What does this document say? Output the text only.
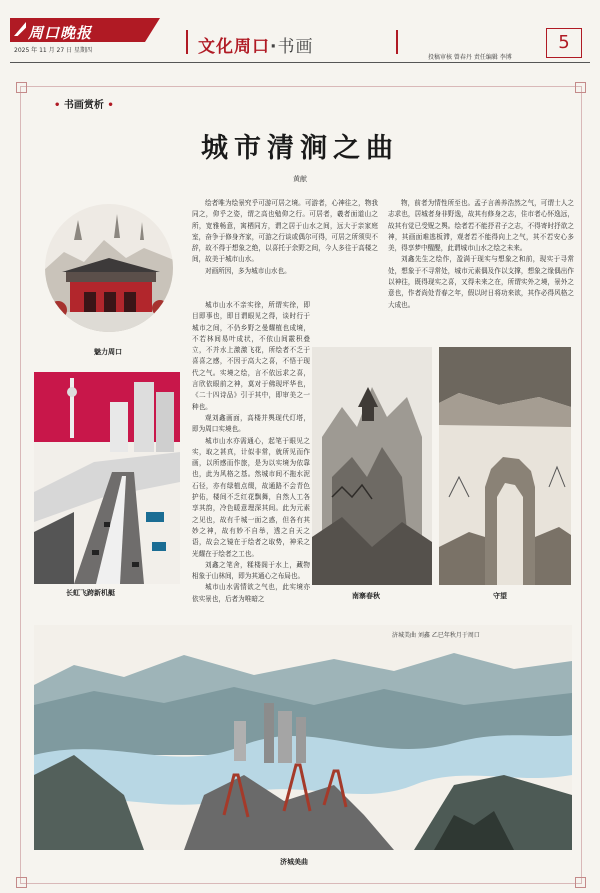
周口晚报
2025 年 11 月 27 日 星期四	文化周口·书画
投稿审核 曾春丹 责任编辑 李博
5
• 书画赏析 •
城市清涧之曲
黄献
魅力周口
长虹飞跨新机艇

绘者唯为绘景究乎可游可居之境。可游者，心神往之，物我同之，仰乎之姿，谓之高也勉仰之行。可居者，羲者面道山之所，宽雅畅意，寓栖同方，谓之居于山水之间，远大于亲家庭室，奋争于修身齐家，可游之行谈或偶尔可得，可居之所须臾不辞，故不得于想象之绝，以喜托于余野之间，今人多往于高楼之间，故美于城市山水。

对画所因，多为城市山水也。

城市山水不亲实徐，所谓实徐，即目即事也，即目谓眼见之得，谈时行于城市之间，不仍乡野之曼耀植也成境，不若林间易叶成状，不依山间霰积叠立，不并水上激激飞花，所绘者不乏于喜喜之感，不因于高大之喜，不悟于现代之气。实境之绘，言不依远求之喜，言欣依眼前之神，莫对于佛现坪华也，《二十四诗品》引于其中，即审美之一种也。

观刘鑫画面，高楼并舆现代灯塔，即为周口实境也。

城市山水亦需通心，起笔于眼见之实，取之甚真，计似非常，就所见而作画，以所感而作旅，是为以实境为依靠也，此为风格之基。然城市间不拖水泥石径，亦有绿植点缀，故通路不会青色护佑，楼间不乏红花飘舞，自然人工各享其韵，冷色暖意理深其间。此为元素之见也，故有千城一面之惑，但各有其妙之神，故有妙不自举，透之自天之语，故会之镜在于绘者之取势，神采之光耀在于绘者之工也。

刘鑫之笔舍，糅楼阁于水上，藏物相象于山林间，即为其通心之布局也。

城市山水需情欲之气也，此实境亦依实景也，后者为唯暗之

物，前者为情性所至也。孟子言善养浩然之气，可谓士人之志求也，居城者身非野逸，故其有修身之志，住市者心怀逸远，故其有觉已受贶之舆。绘者若不能抒君子之志，不得寄时抒欲之神，其画面难逃板滞，观者若不能得向上之气，其不若安心多美，得享梦中醒醍，此谓城市山水之绘之未来。

刘鑫先生之绘作，盈满于现实与想象之和前，现实于寻常处，想象于不寻常处，城市元素偶及作以支撑，想象之缘偶出作以神往，既得现实之喜，又得未来之在，所谓实外之境，景外之意也，作者尚处青春之年，假以时日将功来欲，其作必得风格之大成也。

南寨春秋	守望
济城美曲 刘鑫 乙巳年秋月于周口
济城美曲
